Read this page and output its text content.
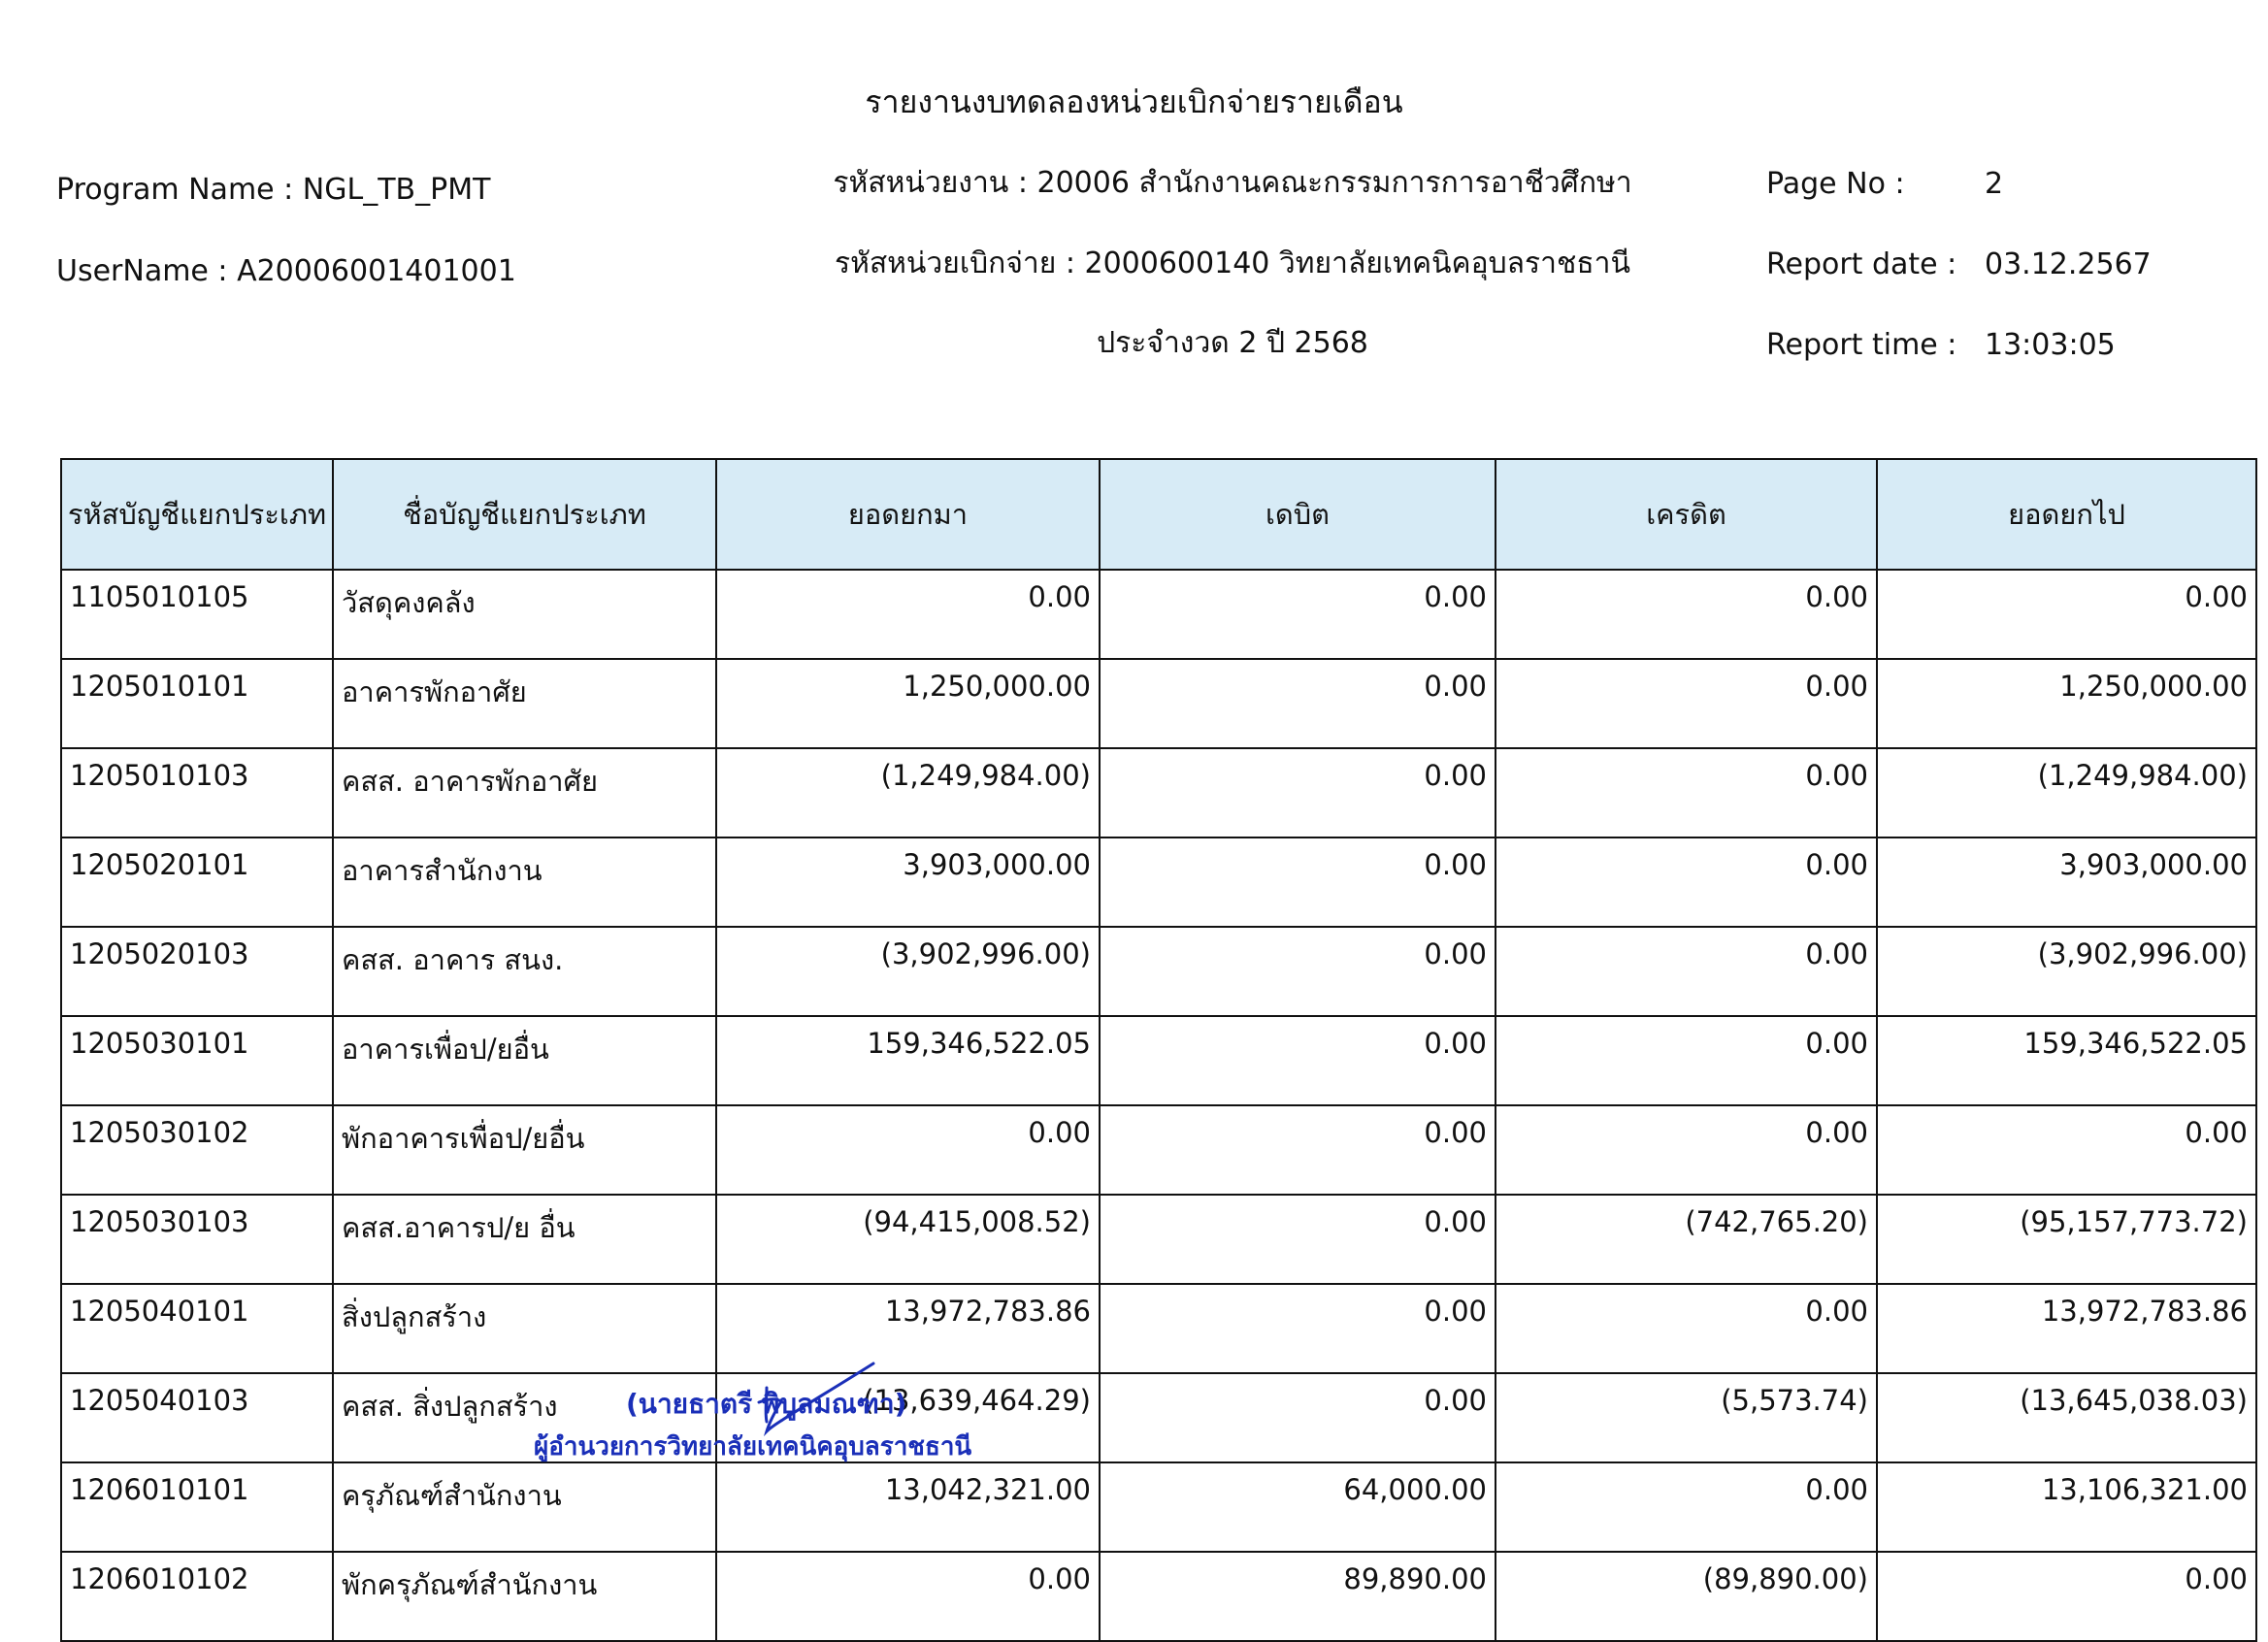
รายงานงบทดลองหน่วยเบิกจ่ายรายเดือน
Program Name : NGL_TB_PMT
UserName : A20006001401001
รหัสหน่วยงาน : 20006 สำนักงานคณะกรรมการการอาชีวศึกษา
รหัสหน่วยเบิกจ่าย : 2000600140 วิทยาลัยเทคนิคอุบลราชธานี
ประจำงวด 2 ปี 2568
Page No :	2
Report date : 03.12.2567
Report time : 13:03:05
รหัสบัญชีแยกประเภท	ชื่อบัญชีแยกประเภท	ยอดยกมา	เดบิต	เครดิต	ยอดยกไป
1105010105	วัสดุคงคลัง	0.00	0.00	0.00	0.00
1205010101	อาคารพักอาศัย	1,250,000.00	0.00	0.00	1,250,000.00
1205010103	คสส. อาคารพักอาศัย	(1,249,984.00)	0.00	0.00	(1,249,984.00)
1205020101	อาคารสำนักงาน	3,903,000.00	0.00	0.00	3,903,000.00
1205020103	คสส. อาคาร สนง.	(3,902,996.00)	0.00	0.00	(3,902,996.00)
1205030101	อาคารเพื่อป/ยอื่น	159,346,522.05	0.00	0.00	159,346,522.05
1205030102	พักอาคารเพื่อป/ยอื่น	0.00	0.00	0.00	0.00
1205030103	คสส.อาคารป/ย อื่น	(94,415,008.52)	0.00	(742,765.20)	(95,157,773.72)
1205040101	สิ่งปลูกสร้าง	13,972,783.86	0.00	0.00	13,972,783.86
1205040103	คสส. สิ่งปลูกสร้าง	(13,639,464.29)	0.00	(5,573.74)	(13,645,038.03)
1206010101	ครุภัณฑ์สำนักงาน	13,042,321.00	64,000.00	0.00	13,106,321.00
1206010102	พักครุภัณฑ์สำนักงาน	0.00	89,890.00	(89,890.00)	0.00
(นายธาตรี พิบูลมณฑา)
ผู้อำนวยการวิทยาลัยเทคนิคอุบลราชธานี
